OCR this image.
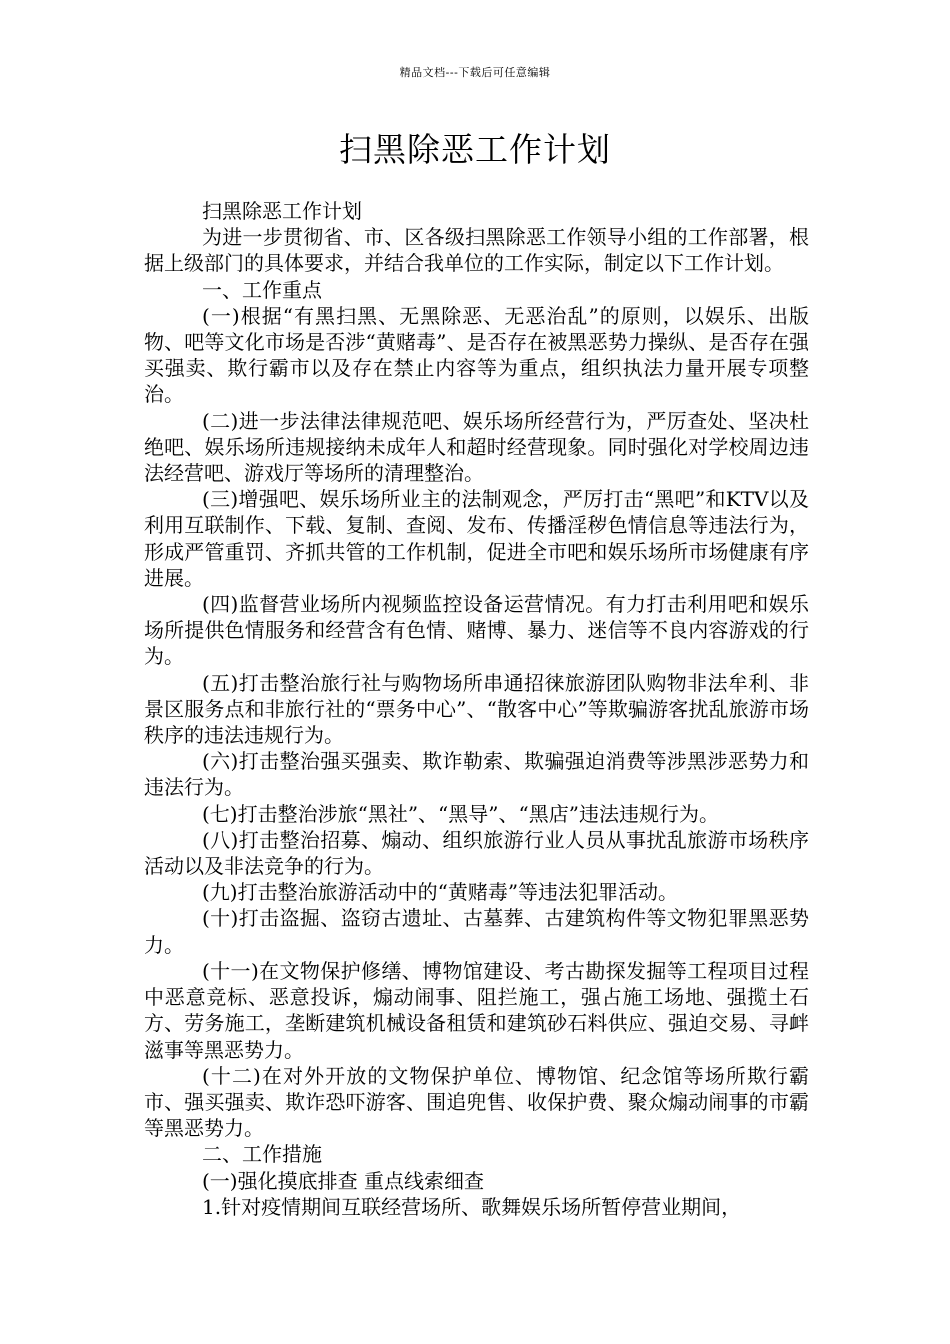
精品文档---下载后可任意编辑
扫黑除恶工作计划

扫黑除恶工作计划

为进一步贯彻省、市、区各级扫黑除恶工作领导小组的工作部署，根据上级部门的具体要求，并结合我单位的工作实际，制定以下工作计划。

一、工作重点

(一)根据“有黑扫黑、无黑除恶、无恶治乱”的原则，以娱乐、出版物、吧等文化市场是否涉“黄赌毒”、是否存在被黑恶势力操纵、是否存在强买强卖、欺行霸市以及存在禁止内容等为重点，组织执法力量开展专项整治。

(二)进一步法律法律规范吧、娱乐场所经营行为，严厉查处、坚决杜绝吧、娱乐场所违规接纳未成年人和超时经营现象。同时强化对学校周边违法经营吧、游戏厅等场所的清理整治。

(三)增强吧、娱乐场所业主的法制观念，严厉打击“黑吧”和KTV以及利用互联制作、下载、复制、查阅、发布、传播淫秽色情信息等违法行为，形成严管重罚、齐抓共管的工作机制，促进全市吧和娱乐场所市场健康有序进展。

(四)监督营业场所内视频监控设备运营情况。有力打击利用吧和娱乐场所提供色情服务和经营含有色情、赌博、暴力、迷信等不良内容游戏的行为。

(五)打击整治旅行社与购物场所串通招徕旅游团队购物非法牟利、非景区服务点和非旅行社的“票务中心”、“散客中心”等欺骗游客扰乱旅游市场秩序的违法违规行为。

(六)打击整治强买强卖、欺诈勒索、欺骗强迫消费等涉黑涉恶势力和违法行为。

(七)打击整治涉旅“黑社”、“黑导”、“黑店”违法违规行为。

(八)打击整治招募、煽动、组织旅游行业人员从事扰乱旅游市场秩序活动以及非法竞争的行为。

(九)打击整治旅游活动中的“黄赌毒”等违法犯罪活动。

(十)打击盗掘、盗窃古遗址、古墓葬、古建筑构件等文物犯罪黑恶势力。

(十一)在文物保护修缮、博物馆建设、考古勘探发掘等工程项目过程中恶意竞标、恶意投诉，煽动闹事、阻拦施工，强占施工场地、强揽土石方、劳务施工，垄断建筑机械设备租赁和建筑砂石料供应、强迫交易、寻衅滋事等黑恶势力。

(十二)在对外开放的文物保护单位、博物馆、纪念馆等场所欺行霸市、强买强卖、欺诈恐吓游客、围追兜售、收保护费、聚众煽动闹事的市霸等黑恶势力。

二、工作措施

(一)强化摸底排查 重点线索细查

1.针对疫情期间互联经营场所、歌舞娱乐场所暂停营业期间，
